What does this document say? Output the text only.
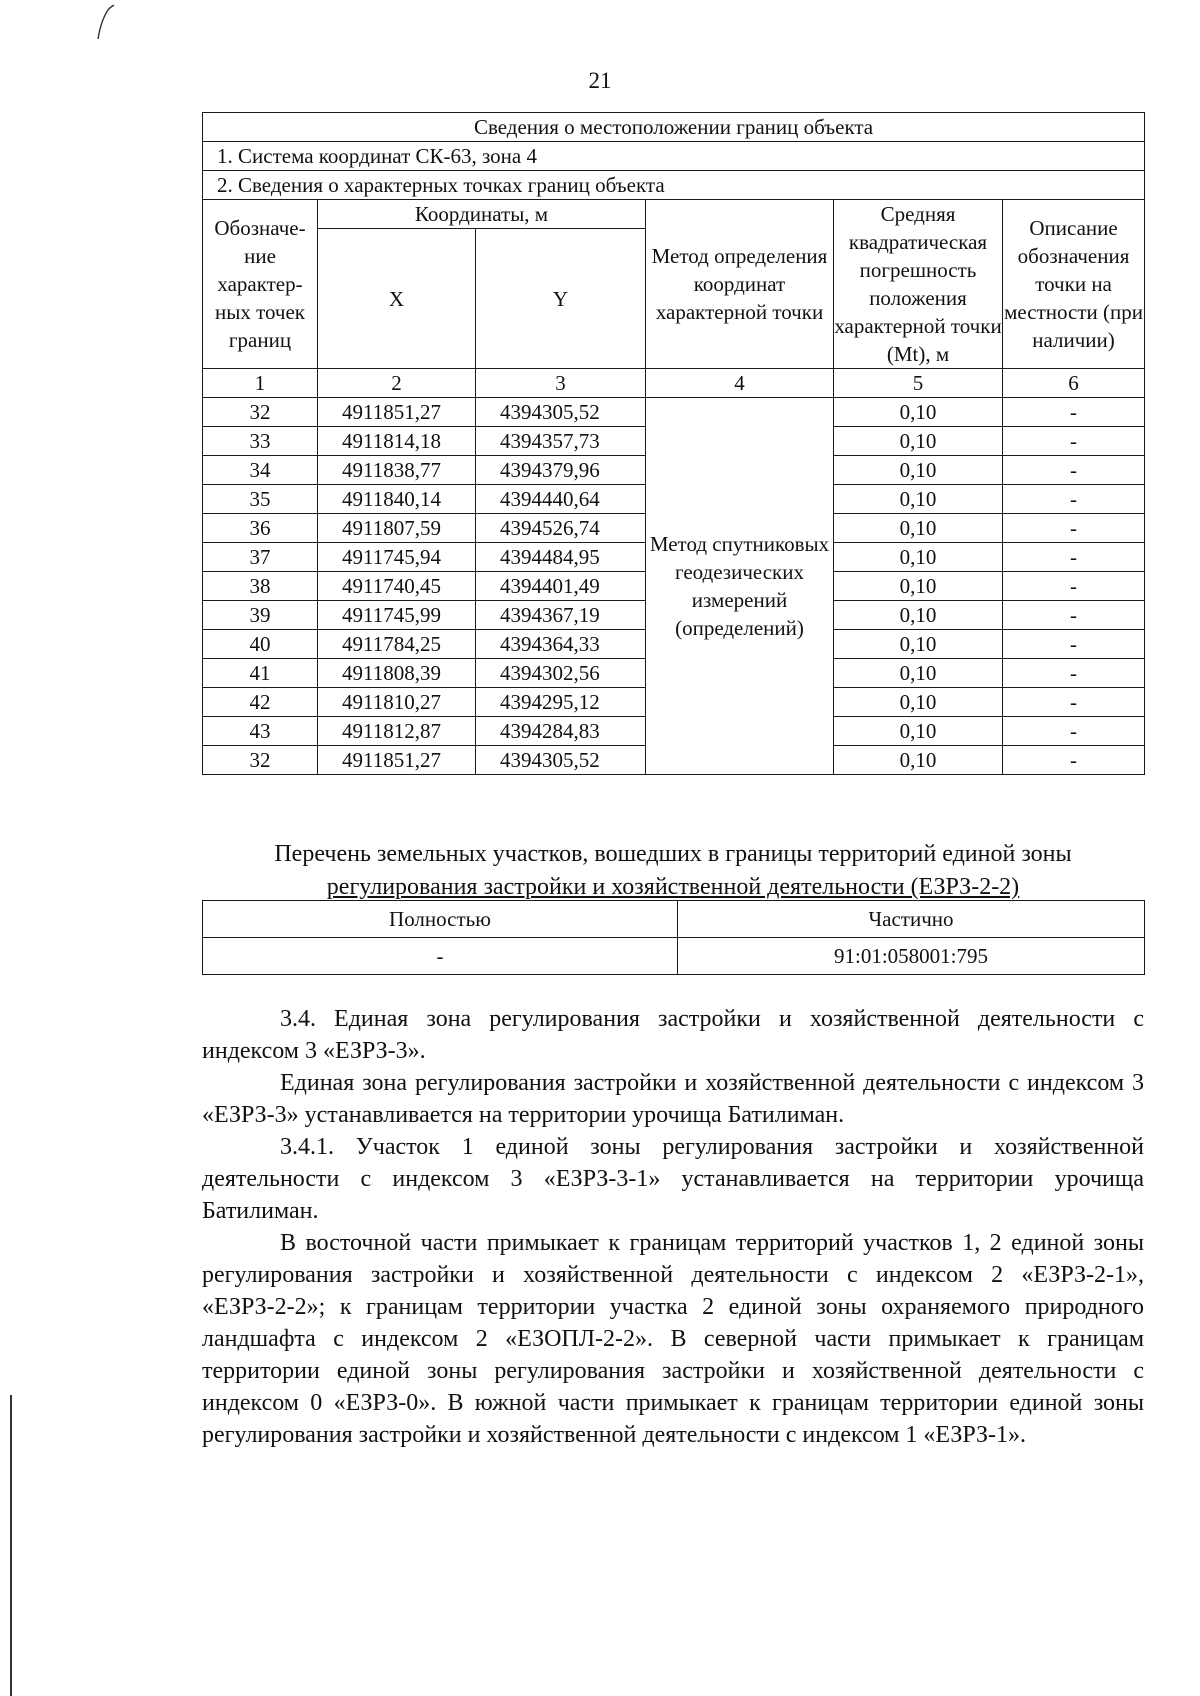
21
Сведения о местоположении границ объекта					
1. Система координат СК-63, зона 4					
2. Сведения о характерных точках границ объекта					
Обозначе-ние характер-ных точек границ	Координаты, м		Метод определения координат характерной точки	Средняя квадратическая погрешность положения характерной точки (Mt), м	Описание обозначения точки на местности (при наличии)
	X	Y			
1	2	3	4	5	6
32	4911851,27	4394305,52	Метод спутниковых геодезических измерений (определений)	0,10	-
33	4911814,18	4394357,73		0,10	-
34	4911838,77	4394379,96		0,10	-
35	4911840,14	4394440,64		0,10	-
36	4911807,59	4394526,74		0,10	-
37	4911745,94	4394484,95		0,10	-
38	4911740,45	4394401,49		0,10	-
39	4911745,99	4394367,19		0,10	-
40	4911784,25	4394364,33		0,10	-
41	4911808,39	4394302,56		0,10	-
42	4911810,27	4394295,12		0,10	-
43	4911812,87	4394284,83		0,10	-
32	4911851,27	4394305,52		0,10	-
Перечень земельных участков, вошедших в границы территорий единой зоны
регулирования застройки и хозяйственной деятельности (ЕЗРЗ-2-2)
Полностью	Частично
-	91:01:058001:795

3.4. Единая зона регулирования застройки и хозяйственной деятельности с индексом 3 «ЕЗРЗ-3».

Единая зона регулирования застройки и хозяйственной деятельности с индексом 3 «ЕЗРЗ-3» устанавливается на территории урочища Батилиман.

3.4.1. Участок 1 единой зоны регулирования застройки и хозяйственной деятельности с индексом 3 «ЕЗРЗ-3-1» устанавливается на территории урочища Батилиман.

В восточной части примыкает к границам территорий участков 1, 2 единой зоны регулирования застройки и хозяйственной деятельности с индексом 2 «ЕЗРЗ-2-1», «ЕЗРЗ-2-2»; к границам территории участка 2 единой зоны охраняемого природного ландшафта с индексом 2 «ЕЗОПЛ-2-2». В северной части примыкает к границам территории единой зоны регулирования застройки и хозяйственной деятельности с индексом 0 «ЕЗРЗ-0». В южной части примыкает к границам территории единой зоны регулирования застройки и хозяйственной деятельности с индексом 1 «ЕЗРЗ-1».
